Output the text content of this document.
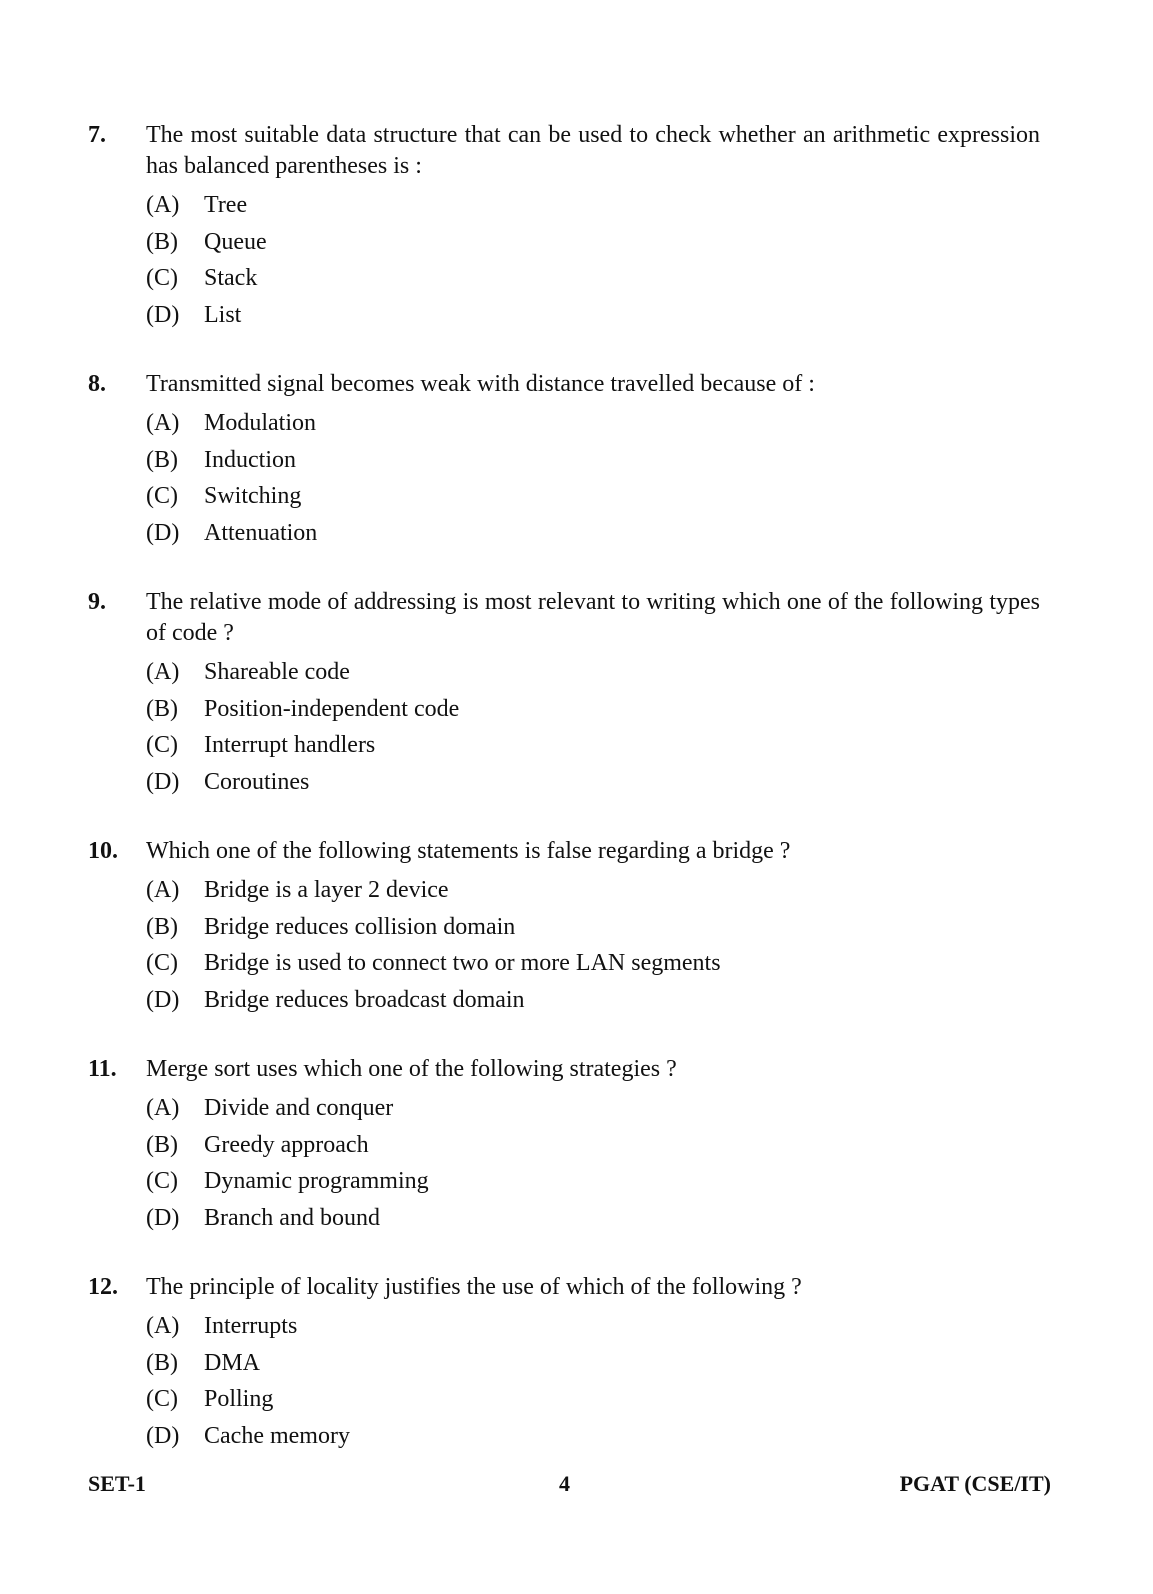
7.	The most suitable data structure that can be used to check whether an arithmetic expression has balanced parentheses is :
(A)	Tree
(B)	Queue
(C)	Stack
(D)	List
8.	Transmitted signal becomes weak with distance travelled because of :
(A)	Modulation
(B)	Induction
(C)	Switching
(D)	Attenuation
9.	The relative mode of addressing is most relevant to writing which one of the following types of code ?
(A)	Shareable code
(B)	Position-independent code
(C)	Interrupt handlers
(D)	Coroutines
10.	Which one of the following statements is false regarding a bridge ?
(A)	Bridge is a layer 2 device
(B)	Bridge reduces collision domain
(C)	Bridge is used to connect two or more LAN segments
(D)	Bridge reduces broadcast domain
11.	Merge sort uses which one of the following strategies ?
(A)	Divide and conquer
(B)	Greedy approach
(C)	Dynamic programming
(D)	Branch and bound
12.	The principle of locality justifies the use of which of the following ?
(A)	Interrupts
(B)	DMA
(C)	Polling
(D)	Cache memory
SET-1	4	PGAT (CSE/IT)
